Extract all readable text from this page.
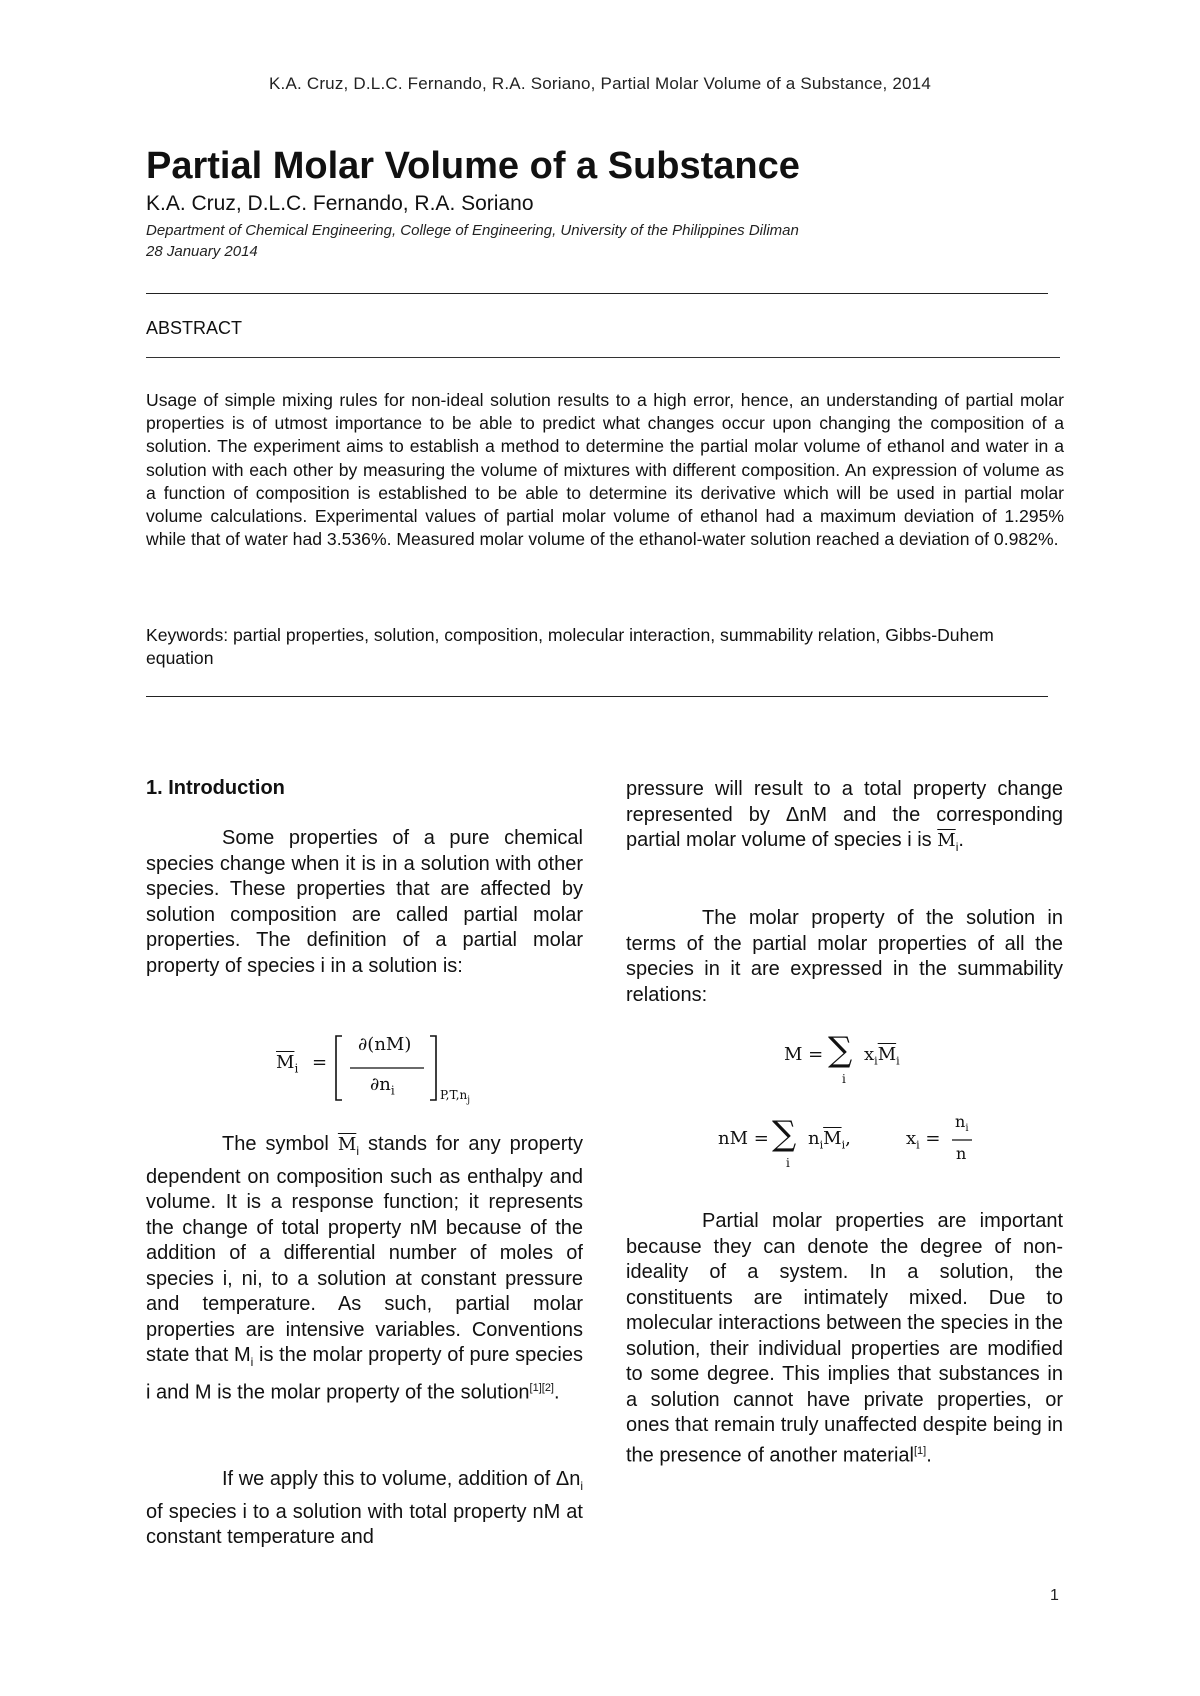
K.A. Cruz, D.L.C. Fernando, R.A. Soriano, Partial Molar Volume of a Substance, 2014
Partial Molar Volume of a Substance
K.A. Cruz, D.L.C. Fernando, R.A. Soriano
Department of Chemical Engineering, College of Engineering, University of the Philippines Diliman
28 January 2014
ABSTRACT
Usage of simple mixing rules for non-ideal solution results to a high error, hence, an understanding of partial molar properties is of utmost importance to be able to predict what changes occur upon changing the composition of a solution. The experiment aims to establish a method to determine the partial molar volume of ethanol and water in a solution with each other by measuring the volume of mixtures with different composition. An expression of volume as a function of composition is established to be able to determine its derivative which will be used in partial molar volume calculations. Experimental values of partial molar volume of ethanol had a maximum deviation of 1.295% while that of water had 3.536%. Measured molar volume of the ethanol-water solution reached a deviation of 0.982%.
Keywords: partial properties, solution, composition, molecular interaction, summability relation, Gibbs-Duhem equation
1. Introduction

Some properties of a pure chemical species change when it is in a solution with other species. These properties that are affected by solution composition are called partial molar properties. The definition of a partial molar property of species i in a solution is:

$\overline{M}_i$ =
∂(nM)
$\partial n_i$	$P,T,n_j$

The symbol $\overline{M}_i$ stands for any property dependent on composition such as enthalpy and volume. It is a response function; it represents the change of total property nM because of the addition of a differential number of moles of species i, ni, to a solution at constant pressure and temperature. As such, partial molar properties are intensive variables. Conventions state that $M_i$ is the molar property of pure species i and M is the molar property of the solution[1][2].

If we apply this to volume, addition of $\Delta n_i$ of species i to a solution with total property nM at constant temperature and

pressure will result to a total property change represented by ΔnM and the corresponding partial molar volume of species i is $\overline{M}_i$.

The molar property of the solution in terms of the partial molar properties of all the species in it are expressed in the summability relations:

M = ∑
i
$x_i\overline{M}_i$
nM = ∑
i
$n_i\overline{M}_i$,	$x_i$ =
$n_i$
n

Partial molar properties are important because they can denote the degree of non-ideality of a system. In a solution, the constituents are intimately mixed. Due to molecular interactions between the species in the solution, their individual properties are modified to some degree. This implies that substances in a solution cannot have private properties, or ones that remain truly unaffected despite being in the presence of another material[1].

1
